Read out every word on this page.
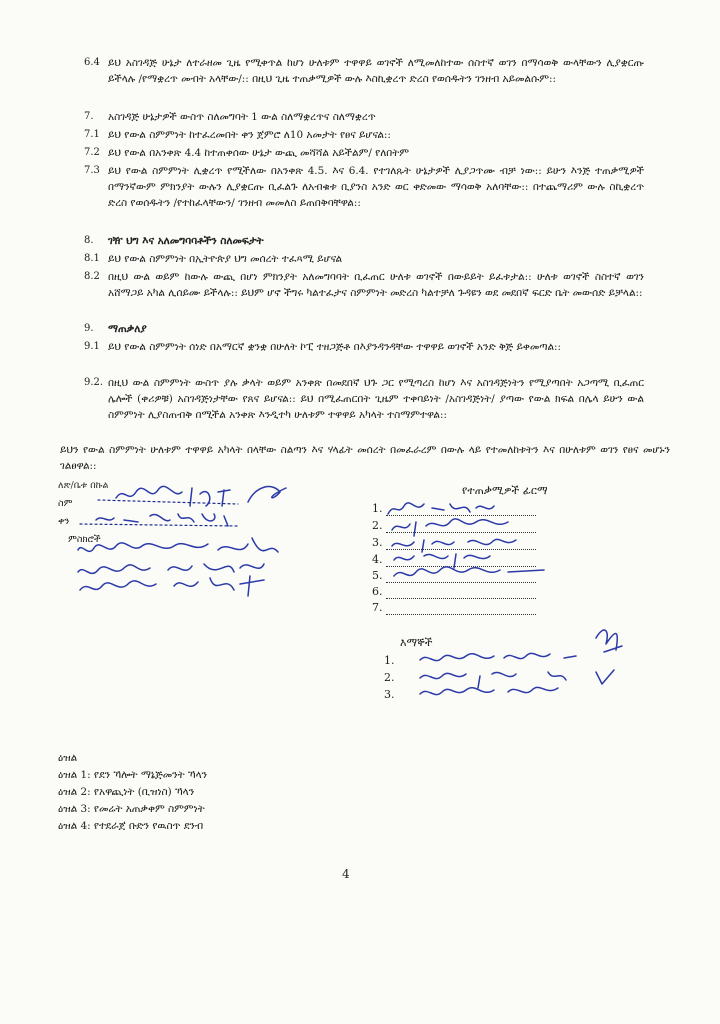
6.4 ይህ አስገዳጅ ሁኔታ ለተራዘመ ጊዜ የሚቀጥል ከሆነ ሁለቱም ተዋዋይ ወገኖች ለሚመለከተው ሰስተኛ ወገን በማሳወቅ ውላቸውን ሊያቋርጡ ይችላሉ /የማቋረጥ መብት አላቸው/:: በዚህ ጊዜ ተጠቃሚዎች ውሉ እስኪቋረጥ ድረስ የወሰዱትን ገንዘብ አይመልሱም::
7.	አስገዳጅ ሁኔታዎች ውስጥ ስለመግባት 1 ውል ስለማቋረጥና ስለማቋረጥ
7.1 ይህ የውል ስምምነት ከተፈረመበት ቀን ጀምሮ ለ10 አመታት የፀና ይሆናል::
7.2 ይህ የውል በአንቀጽ 4.4 ከተጠቀሰው ሁኔታ ውጪ መሻሻል አይችልም/ የለበትም
7.3 ይህ የውል ስምምነት ሊቋረጥ የሚችለው በአንቀጽ 4.5. እና 6.4. የተገለጹት ሁኔታዎች ሊያጋጥሙ ብቻ ነው:: ይሁን እንጅ ተጠቃሚዎች በማንኛውም ምክንያት ውሉን ሊያቋርጡ ቢፈልጉ ለአብቁቱ ቢያንስ አንድ ወር ቀድመው ማሳወቅ አለባቸው:: በተጨማሪም ውሉ ስኪቋረጥ ድረስ የወሰዱትን /የተከፈላቸውን/ ገንዘብ መመለስ ይጠበቅባቸዋል::
8.	ገዥ ህግ እና አለመግባባቶችን ስለመፍታት
8.1 ይህ የውል ስምምነት በኢትዮጵያ ህግ መሰረት ተፈጻሚ ይሆናል
8.2 በዚህ ውል ወይም ከውሉ ውጪ በሆነ ምክንያት አለመግባባት ቢፈጠር ሁለቱ ወገኖች በውይይት ይፈቱታል:: ሁለቱ ወገኖች ስስተኛ ወገን አሸማጋይ አካል ሊሰይሙ ይችላሉ:: ይህም ሆኖ ችግሩ ካልተፈታና ስምምነት መድረስ ካልተቻለ ጉዳዩን ወደ መደበኛ ፍርድ ቤት መውሰድ ይቻላል::
9.	ማጠቃለያ
9.1 ይህ የውል ስምምነት ሰነድ በአማርኛ ቋንቋ በሁለት ኮፒ ተዘጋጅቶ በእያንዳንዳቸው ተዋዋይ ወገኖች አንድ ቅጅ ይቀመጣል::
9.2. በዚህ ውል ስምምነት ውስጥ ያሉ ቃላት ወይም አንቀጽ በመደበኛ ህጉ ጋር የሚጣረስ ከሆነ እና አስገዳጅነትን የሚያጣበት አጋጣሚ ቢፈጠር ሌሎች (ቀሪዎቹ) አስገዳጅነታቸው የጸና ይሆናል:: ይህ በሚፈጠርበት ጊዜም ተቀባይነት /አስገዳጅነት/ ያጣው የውል ክፍል በሌላ ይሁን ውል ስምምነት ሊያስጠብቅ በሚችል አንቀጽ እንዲተካ ሁለቱም ተዋዋይ አካላት ተስማምተዋል::
ይህን የውል ስምምነት ሁለቱም ተዋዋይ አካላት በላቸው ስልጣን እና ሃላፊት መሰረት በመፈራረም በውሉ ላይ የተመለከቱትን እና በሁለቱም ወገን የፀና መሆኑን ገልፀዋል::
ለጽ/ቤቱ በኩል
ስም
ቀን
ምስክሮች
የተጠቃሚዎች ፊርማ
1.
2.
3.
4.
5.
6.
7.
እማኞች
1.
2.
3.
ዕዝል
ዕዝል 1: የደን ኻሎት ማኔጅመንት ኻላን
ዕዝል 2: የአዋጪነት (ቢዝነስ) ኻላን
ዕዝል 3: የመሬት አጠቃቀም ስምምነት
ዕዝል 4: የተደራጀ ቡድን የዉስጥ ደንብ
4
